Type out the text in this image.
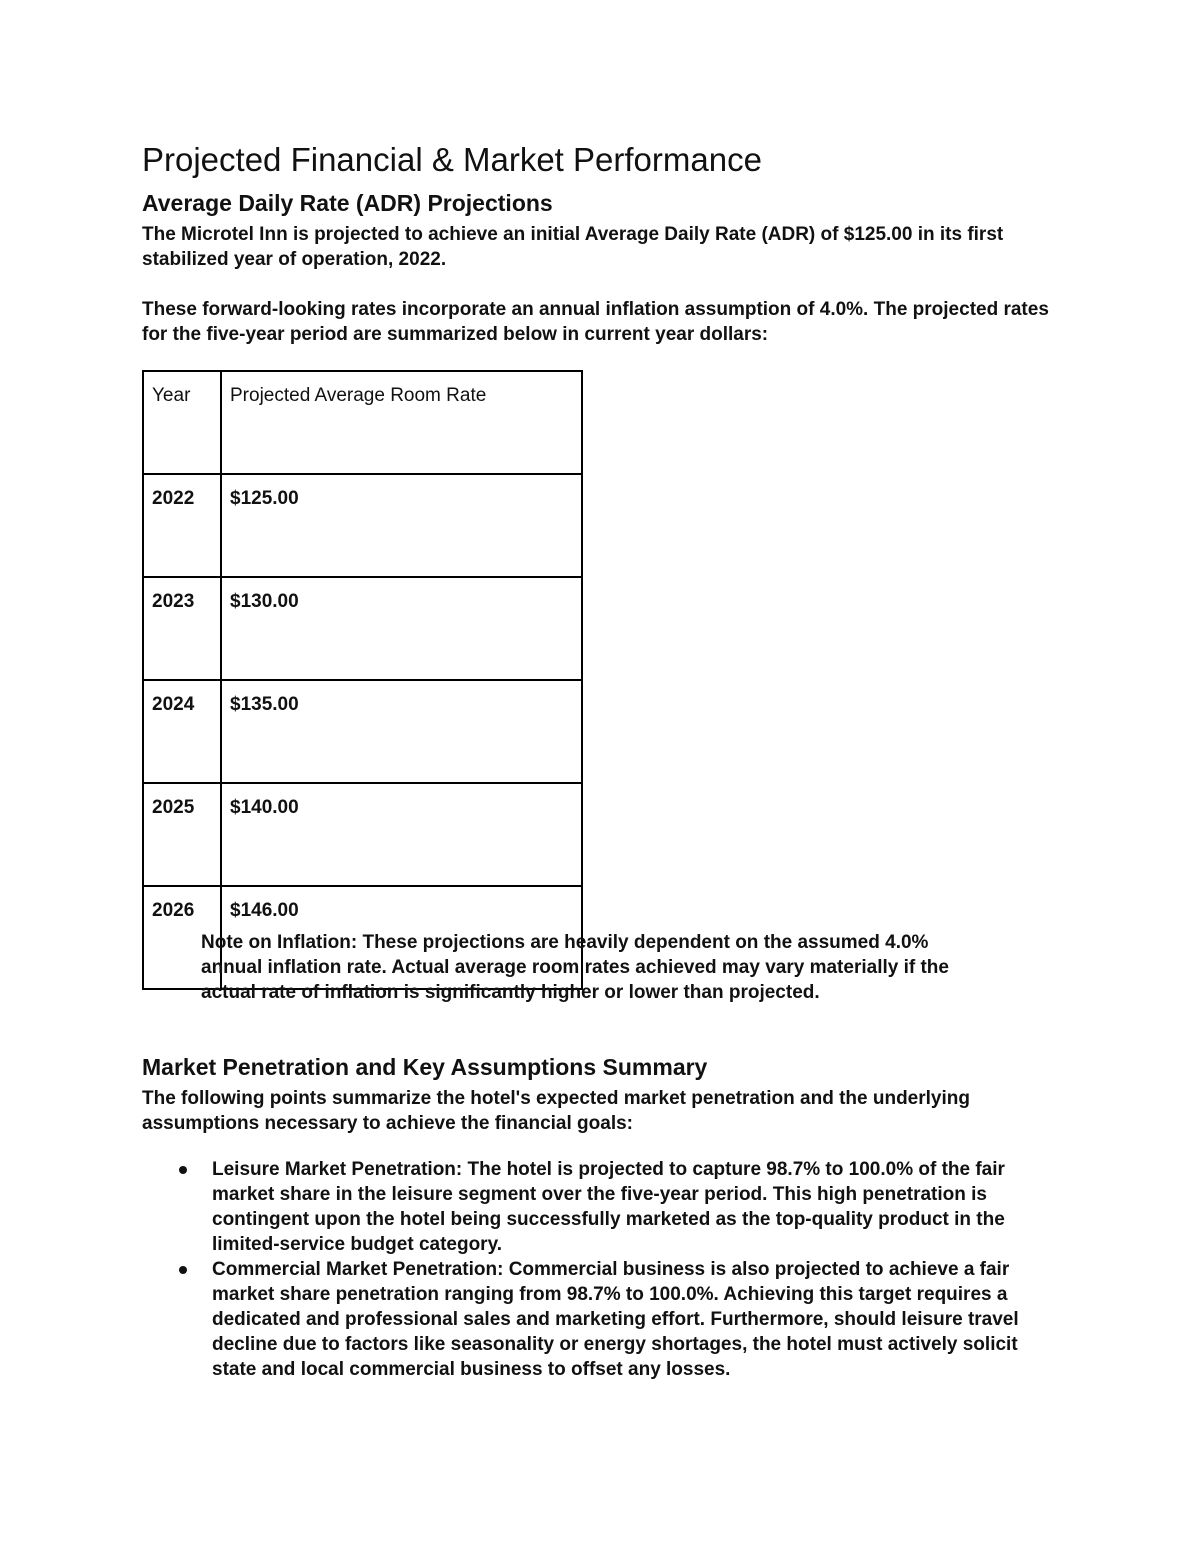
Projected Financial & Market Performance
Average Daily Rate (ADR) Projections

The Microtel Inn is projected to achieve an initial Average Daily Rate (ADR) of $125.00 in its first stabilized year of operation, 2022.

These forward-looking rates incorporate an annual inflation assumption of 4.0%. The projected rates for the five-year period are summarized below in current year dollars:

Year	Projected Average Room Rate
2022	$125.00
2023	$130.00
2024	$135.00
2025	$140.00
2026	$146.00
Note on Inflation: These projections are heavily dependent on the assumed 4.0% annual inflation rate. Actual average room rates achieved may vary materially if the actual rate of inflation is significantly higher or lower than projected.
Market Penetration and Key Assumptions Summary

The following points summarize the hotel's expected market penetration and the underlying assumptions necessary to achieve the financial goals:

Leisure Market Penetration: The hotel is projected to capture 98.7% to 100.0% of the fair market share in the leisure segment over the five-year period. This high penetration is contingent upon the hotel being successfully marketed as the top-quality product in the limited-service budget category.
Commercial Market Penetration: Commercial business is also projected to achieve a fair market share penetration ranging from 98.7% to 100.0%. Achieving this target requires a dedicated and professional sales and marketing effort. Furthermore, should leisure travel decline due to factors like seasonality or energy shortages, the hotel must actively solicit state and local commercial business to offset any losses.
